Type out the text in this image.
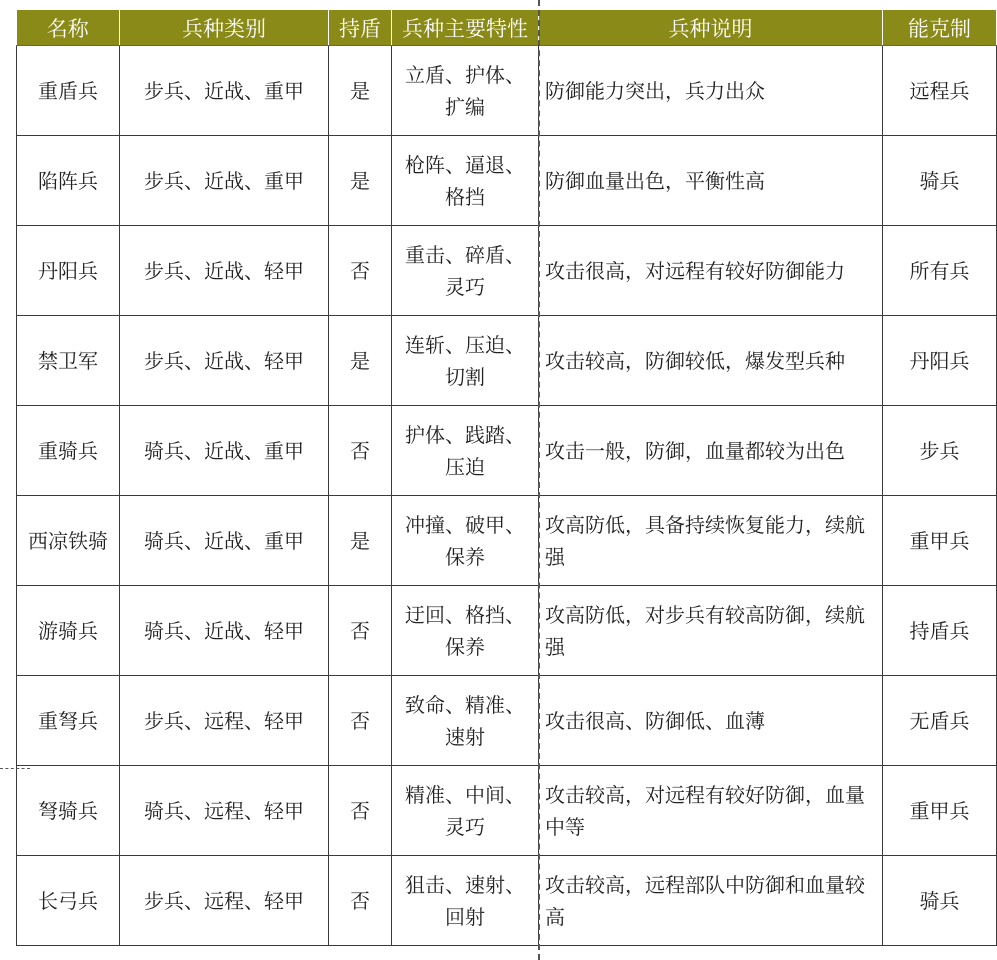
名称	兵种类别	持盾	兵种主要特性	兵种说明	能克制
重盾兵	步兵、近战、重甲	是	立盾、护体、扩编	防御能力突出，兵力出众	远程兵
陷阵兵	步兵、近战、重甲	是	枪阵、逼退、格挡	防御血量出色，平衡性高	骑兵
丹阳兵	步兵、近战、轻甲	否	重击、碎盾、灵巧	攻击很高，对远程有较好防御能力	所有兵
禁卫军	步兵、近战、轻甲	是	连斩、压迫、切割	攻击较高，防御较低，爆发型兵种	丹阳兵
重骑兵	骑兵、近战、重甲	否	护体、践踏、压迫	攻击一般，防御，血量都较为出色	步兵
西凉铁骑	骑兵、近战、重甲	是	冲撞、破甲、保养	攻高防低，具备持续恢复能力，续航强	重甲兵
游骑兵	骑兵、近战、轻甲	否	迂回、格挡、保养	攻高防低，对步兵有较高防御，续航强	持盾兵
重弩兵	步兵、远程、轻甲	否	致命、精准、速射	攻击很高、防御低、血薄	无盾兵
弩骑兵	骑兵、远程、轻甲	否	精准、中间、灵巧	攻击较高，对远程有较好防御，血量中等	重甲兵
长弓兵	步兵、远程、轻甲	否	狙击、速射、回射	攻击较高，远程部队中防御和血量较高	骑兵
